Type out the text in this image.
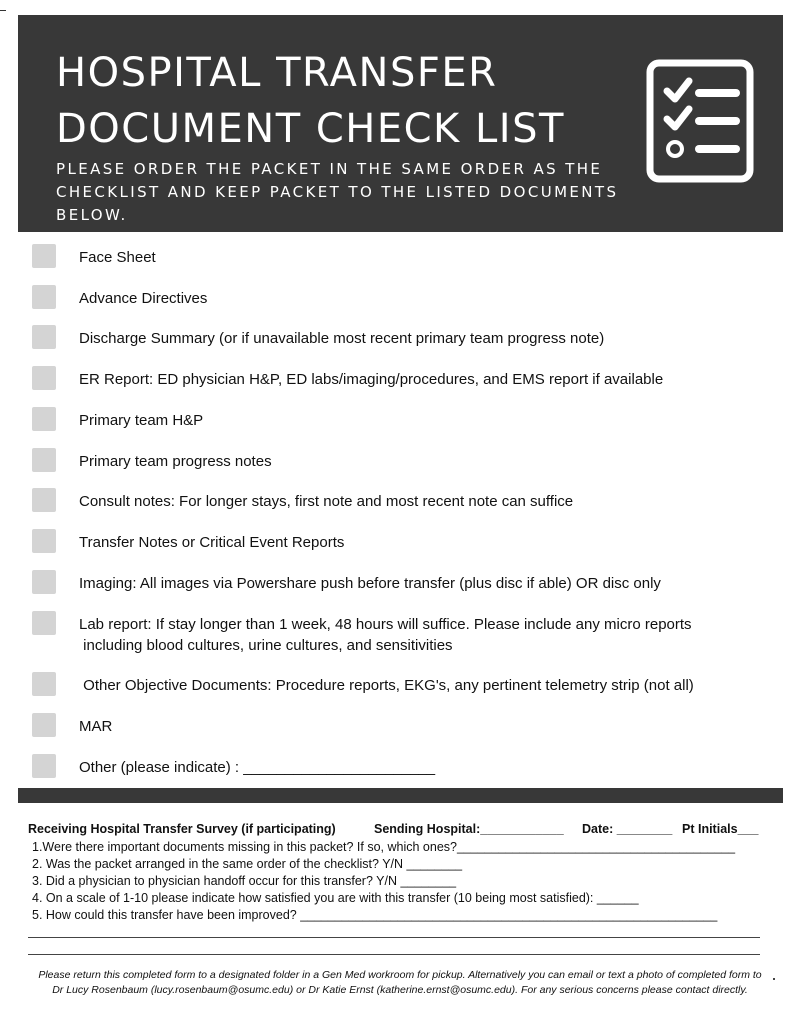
HOSPITAL TRANSFER
DOCUMENT CHECK LIST

PLEASE ORDER THE PACKET IN THE SAME ORDER AS THE CHECKLIST AND KEEP PACKET TO THE LISTED DOCUMENTS BELOW.

Face Sheet
Advance Directives
Discharge Summary (or if unavailable most recent primary team progress note)
ER Report: ED physician H&P, ED labs/imaging/procedures, and EMS report if available
Primary team H&P
Primary team progress notes
Consult notes: For longer stays, first note and most recent note can suffice
Transfer Notes or Critical Event Reports
Imaging: All images via Powershare push before transfer (plus disc if able) OR disc only
Lab report: If stay longer than 1 week, 48 hours will suffice. Please include any micro reports
including blood cultures, urine cultures, and sensitivities
Other Objective Documents: Procedure reports, EKG's, any pertinent telemetry strip (not all)
MAR
Other (please indicate) : _______________________
Receiving Hospital Transfer Survey (if participating)	Sending Hospital:____________ Date: ________ Pt Initials___
1.Were there important documents missing in this packet? If so, which ones?________________________________________
2. Was the packet arranged in the same order of the checklist? Y/N ________
3. Did a physician to physician handoff occur for this transfer? Y/N ________
4. On a scale of 1-10 please indicate how satisfied you are with this transfer (10 being most satisfied): ______
5. How could this transfer have been improved? ____________________________________________________________
Please return this completed form to a designated folder in a Gen Med workroom for pickup. Alternatively you can email or text a photo of completed form to
Dr Lucy Rosenbaum (lucy.rosenbaum@osumc.edu) or Dr Katie Ernst (katherine.ernst@osumc.edu). For any serious concerns please contact directly.
